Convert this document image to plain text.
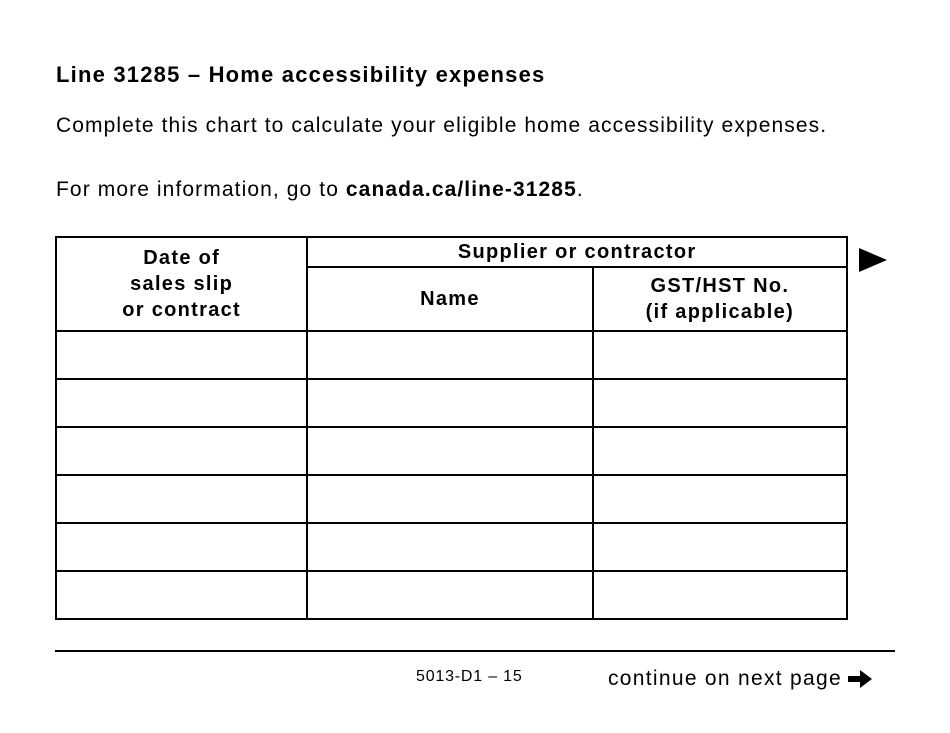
Line 31285 – Home accessibility expenses

Complete this chart to calculate your eligible home accessibility expenses.

For more information, go to canada.ca/line-31285.

Date of
sales slip
or contract	Supplier or contractor	
	Name	GST/HST No.
(if applicable)

5013-D1 – 15	continue on next page
